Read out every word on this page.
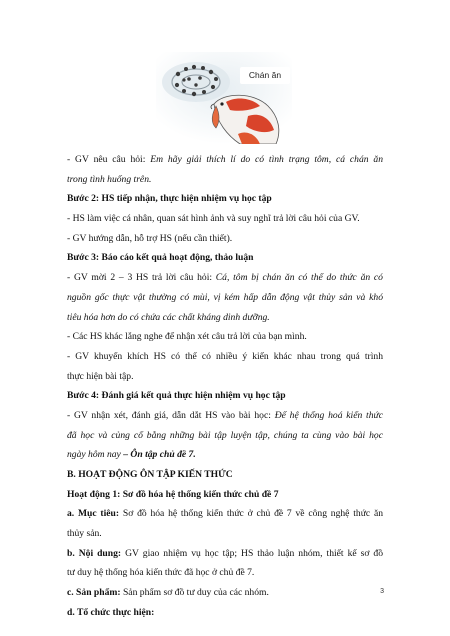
Chán ăn
- GV nêu câu hỏi: Em hãy giải thích lí do có tình trạng tôm, cá chán ăn
trong tình huống trên.
Bước 2: HS tiếp nhận, thực hiện nhiệm vụ học tập
- HS làm việc cá nhân, quan sát hình ảnh và suy nghĩ trả lời câu hỏi của GV.
- GV hướng dẫn, hỗ trợ HS (nếu cần thiết).
Bước 3: Báo cáo kết quả hoạt động, thảo luận
- GV mời 2 – 3 HS trả lời câu hỏi: Cá, tôm bị chán ăn có thể do thức ăn có
nguồn gốc thực vật thường có mùi, vị kém hấp dẫn động vật thủy sản và khó
tiêu hóa hơn do có chứa các chất kháng dinh dưỡng.
- Các HS khác lắng nghe để nhận xét câu trả lời của bạn mình.
- GV khuyến khích HS có thể có nhiều ý kiến khác nhau trong quá trình
thực hiện bài tập.
Bước 4: Đánh giá kết quả thực hiện nhiệm vụ học tập
- GV nhận xét, đánh giá, dẫn dắt HS vào bài học: Để hệ thống hoá kiến thức
đã học và củng cố bằng những bài tập luyện tập, chúng ta cùng vào bài học
ngày hôm nay – Ôn tập chủ đề 7.
B. HOẠT ĐỘNG ÔN TẬP KIẾN THỨC
Hoạt động 1: Sơ đồ hóa hệ thống kiến thức chủ đề 7
a. Mục tiêu: Sơ đồ hóa hệ thống kiến thức ở chủ đề 7 về công nghệ thức ăn
thủy sản.
b. Nội dung: GV giao nhiệm vụ học tập; HS thảo luận nhóm, thiết kế sơ đồ
tư duy hệ thống hóa kiến thức đã học ở chủ đề 7.
c. Sản phẩm: Sản phẩm sơ đồ tư duy của các nhóm.
d. Tổ chức thực hiện:
3
